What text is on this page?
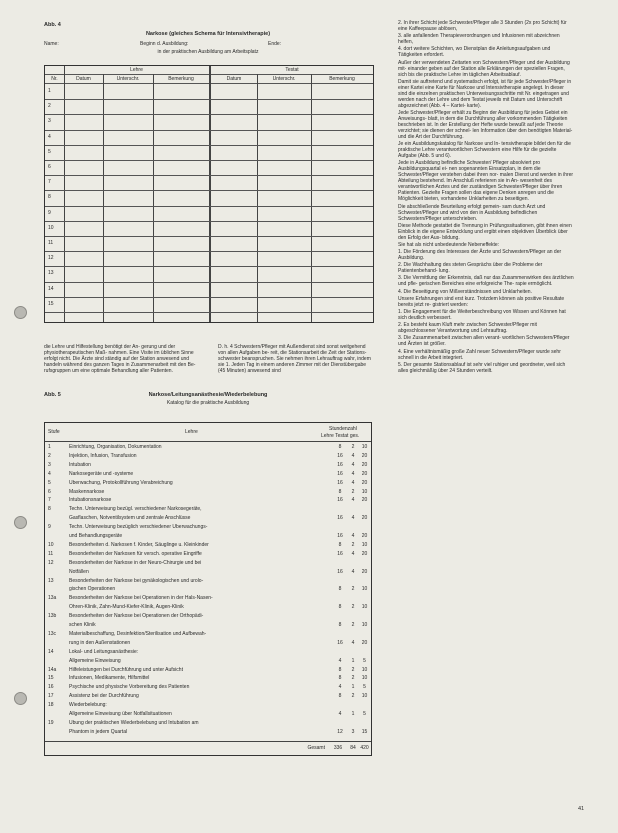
Abb. 4
Narkose (gleiches Schema für Intensivtherapie)
Name:	Beginn d. Ausbildung:	Ende:
in der praktischen Ausbildung am Arbeitsplatz
Lehre	Testat
Nr.	Datum	Unterschr.	Bemerkung	Datum	Unterschr.	Bemerkung
1
2
3
4
5
6
7
8
9
10
11
12
13
14
15
die Lehre und Hilfestellung benötigt der An- gerung und der physiotherapeutischen Maß- nahmen. Eine Visite im üblichen Sinne erfolgt nicht. Die Ärzte sind ständig auf der Station anwesend und handeln während des ganzen Tages in Zusammenarbeit mit den Be- rufsgruppen um eine optimale Behandlung aller Patienten.
D. h. 4 Schwestern/Pfleger mit Außendienst sind sonst weitgehend von allen Aufgaben be- reit, die Stationsarbeit die Zeit der Stations- schwester beanspruchen. Sie nehmen ihren Lehrauftrag wahr, indem sie 1. Jeden Tag in einem anderen Zimmer mit der Dienstübergabe (45 Minuten) anwesend sind
Abb. 5	Narkose/Leitungsanästhesie/Wiederbelebung
Katalog für die praktische Ausbildung
Stufe	Lehre	Stundenzahl
Lehre Testat ges.
1	Einrichtung, Organisation, Dokumentation	8	2	10
2	Injektion, Infusion, Transfusion	16	4	20
3	Intubation	16	4	20
4	Narkosegeräte und -systeme	16	4	20
5	Überwachung, Protokollführung Verabreichung	16	4	20
6	Maskennarkose	8	2	10
7	Intubationsnarkose	16	4	20
8	Techn. Unterweisung bezügl. verschiedener Narkosegeräte,
Gasflaschen, Notventilsystem und zentrale Anschlüsse	16	4	20
9	Techn. Unterweisung bezüglich verschiedener Überwachungs-
und Behandlungsgeräte	16	4	20
10	Besonderheiten d. Narkosen f. Kinder, Säuglinge u. Kleinkinder	8	2	10
11	Besonderheiten der Narkosen für versch. operative Eingriffe	16	4	20
12	Besonderheiten der Narkose in der Neuro-Chirurgie und bei
Notfällen	16	4	20
13	Besonderheiten der Narkose bei gynäkologischen und urolo-
gischen Operationen	8	2	10
13a	Besonderheiten der Narkose bei Operationen in der Hals-Nasen-
Ohren-Klinik, Zahn-Mund-Kiefer-Klinik, Augen-Klinik	8	2	10
13b	Besonderheiten der Narkose bei Operationen der Orthopädi-
schen Klinik	8	2	10
13c	Materialbeschaffung, Desinfektion/Sterilisation und Aufbewah-
rung in den Außenstationen	16	4	20
14	Lokal- und Leitungsanästhesie:
Allgemeine Einweisung	4	1	5
14a	Hilfeleistungen bei Durchführung und unter Aufsicht	8	2	10
15	Infusionen, Medikamente, Hilfsmittel	8	2	10
16	Psychische und physische Vorbereitung des Patienten	4	1	5
17	Assistenz bei der Durchführung	8	2	10
18	Wiederbelebung:
Allgemeine Einweisung über Notfallsituationen	4	1	5
19	Übung der praktischen Wiederbelebung und Intubation am
Phantom in jedem Quartal	12	3	15
Gesamt	336	84 420

2. In ihrer Schicht jede Schwester/Pfleger alle 3 Stunden (2x pro Schicht) für eine Kaffeepause ablösen,

3. alle anfallenden Therapieverordnungen und Infusionen mit abzeichnen helfen,

4. dort weitere Schichten, wo Dienstplan die Anleitungsaufgaben und Tätigkeiten erfordert.

Außer der verwendeten Zeitarten von Schwestern/Pfleger und der Ausbildung mit- einander geben auf der Station alle Erklärungen der speziellen Fragen, sich bis die praktische Lehre im täglichen Arbeitsablauf.

Damit sie auftretend und systematisch erfolgt, ist für jede Schwester/Pfleger in einer Kartei eine Karte für Narkose und Intensivtherapie angelegt. In dieser sind die einzelnen praktischen Unterweisungsschritte mit Nr. eingetragen und werden nach der Lehre und dem Testat jeweils mit Datum und Unterschrift abgezeichnet (Abb. 4 – Kartei- karte).

Jede Schwester/Pfleger erhält zu Beginn der Ausbildung für jedes Gebiet ein Anweisungs- blatt, in dem die Durchführung aller vorkommenden Tätigkeiten beschrieben ist. In der Erstellung der Hefte wurde bewußt auf jede Theorie verzichtet; sie dienen der schnel- len Information über den benötigten Material- und die Art der Durchführung.

Je ein Ausbildungskatalog für Narkose und In- tensivtherapie bildet den für die praktische Lehre verantwortlichen Schwestern eine Hilfe für die gezielte Aufgabe (Abb. 5 und 6).

Jede in Ausbildung befindliche Schwester/ Pfleger absolviert pro Ausbildungsquartal ei- nen sogenannten Einsatzplan, in dem die Schwester/Pfleger verstehen dabei ihren nor- malen Dienst und werden in ihrer Abteilung bestehend. Im Anschluß referieren sie in An- wesenheit des verantwortlichen Arztes und der zuständigen Schwester/Pfleger über ihren Patienten. Gezielte Fragen sollen das eigene Denken anregen und die Möglichkeit bieten, vorhandene Unklarheiten zu beseitigen.

Die abschließende Beurteilung erfolgt gemein- sam durch Arzt und Schwester/Pfleger und wird von den in Ausbildung befindlichen Schwestern/Pfleger unterschrieben.

Diese Methode gestattet die Trennung in Prüfungssituationen, gibt ihnen einen Einblick in die eigene Entwicklung und ergibt einen objektiven Überblick über den Erfolg der Aus- bildung.

Sie hat als nicht unbedeutende Nebeneffekte:

1. Die Förderung des Interesses der Ärzte und Schwestern/Pfleger an der Ausbildung.

2. Die Wachhaltung des steten Gesprächs über die Probleme der Patientenbehand- lung.

3. Die Vermittlung der Erkenntnis, daß nur das Zusammenwirken des ärztlichen und pfle- gerischen Bereiches eine erfolgreiche The- rapie ermöglicht.

4. Die Beseitigung von Mißverständnissen und Unklarheiten.

Unsere Erfahrungen sind erst kurz. Trotzdem können als positive Resultate bereits jetzt re- gistriert werden:

1. Die Engagement für die Weiterbeschreibung von Wissen und Können hat sich deutlich verbessert.

2. Es besteht kaum Kluft mehr zwischen Schwester/Pfleger mit abgeschlossener Verantwortung und Lehrauftrag.

3. Die Zusammenarbeit zwischen allen verant- wortlichen Schwestern/Pfleger und Ärzten ist größer.

4. Eine verhältnismäßig große Zahl neuer Schwestern/Pfleger wurde sehr schnell in die Arbeit integriert.

5. Der gesamte Stationsablauf ist sehr viel ruhiger und geordneter, weil sich alles gleichmäßig über 24 Stunden verteilt.

41
